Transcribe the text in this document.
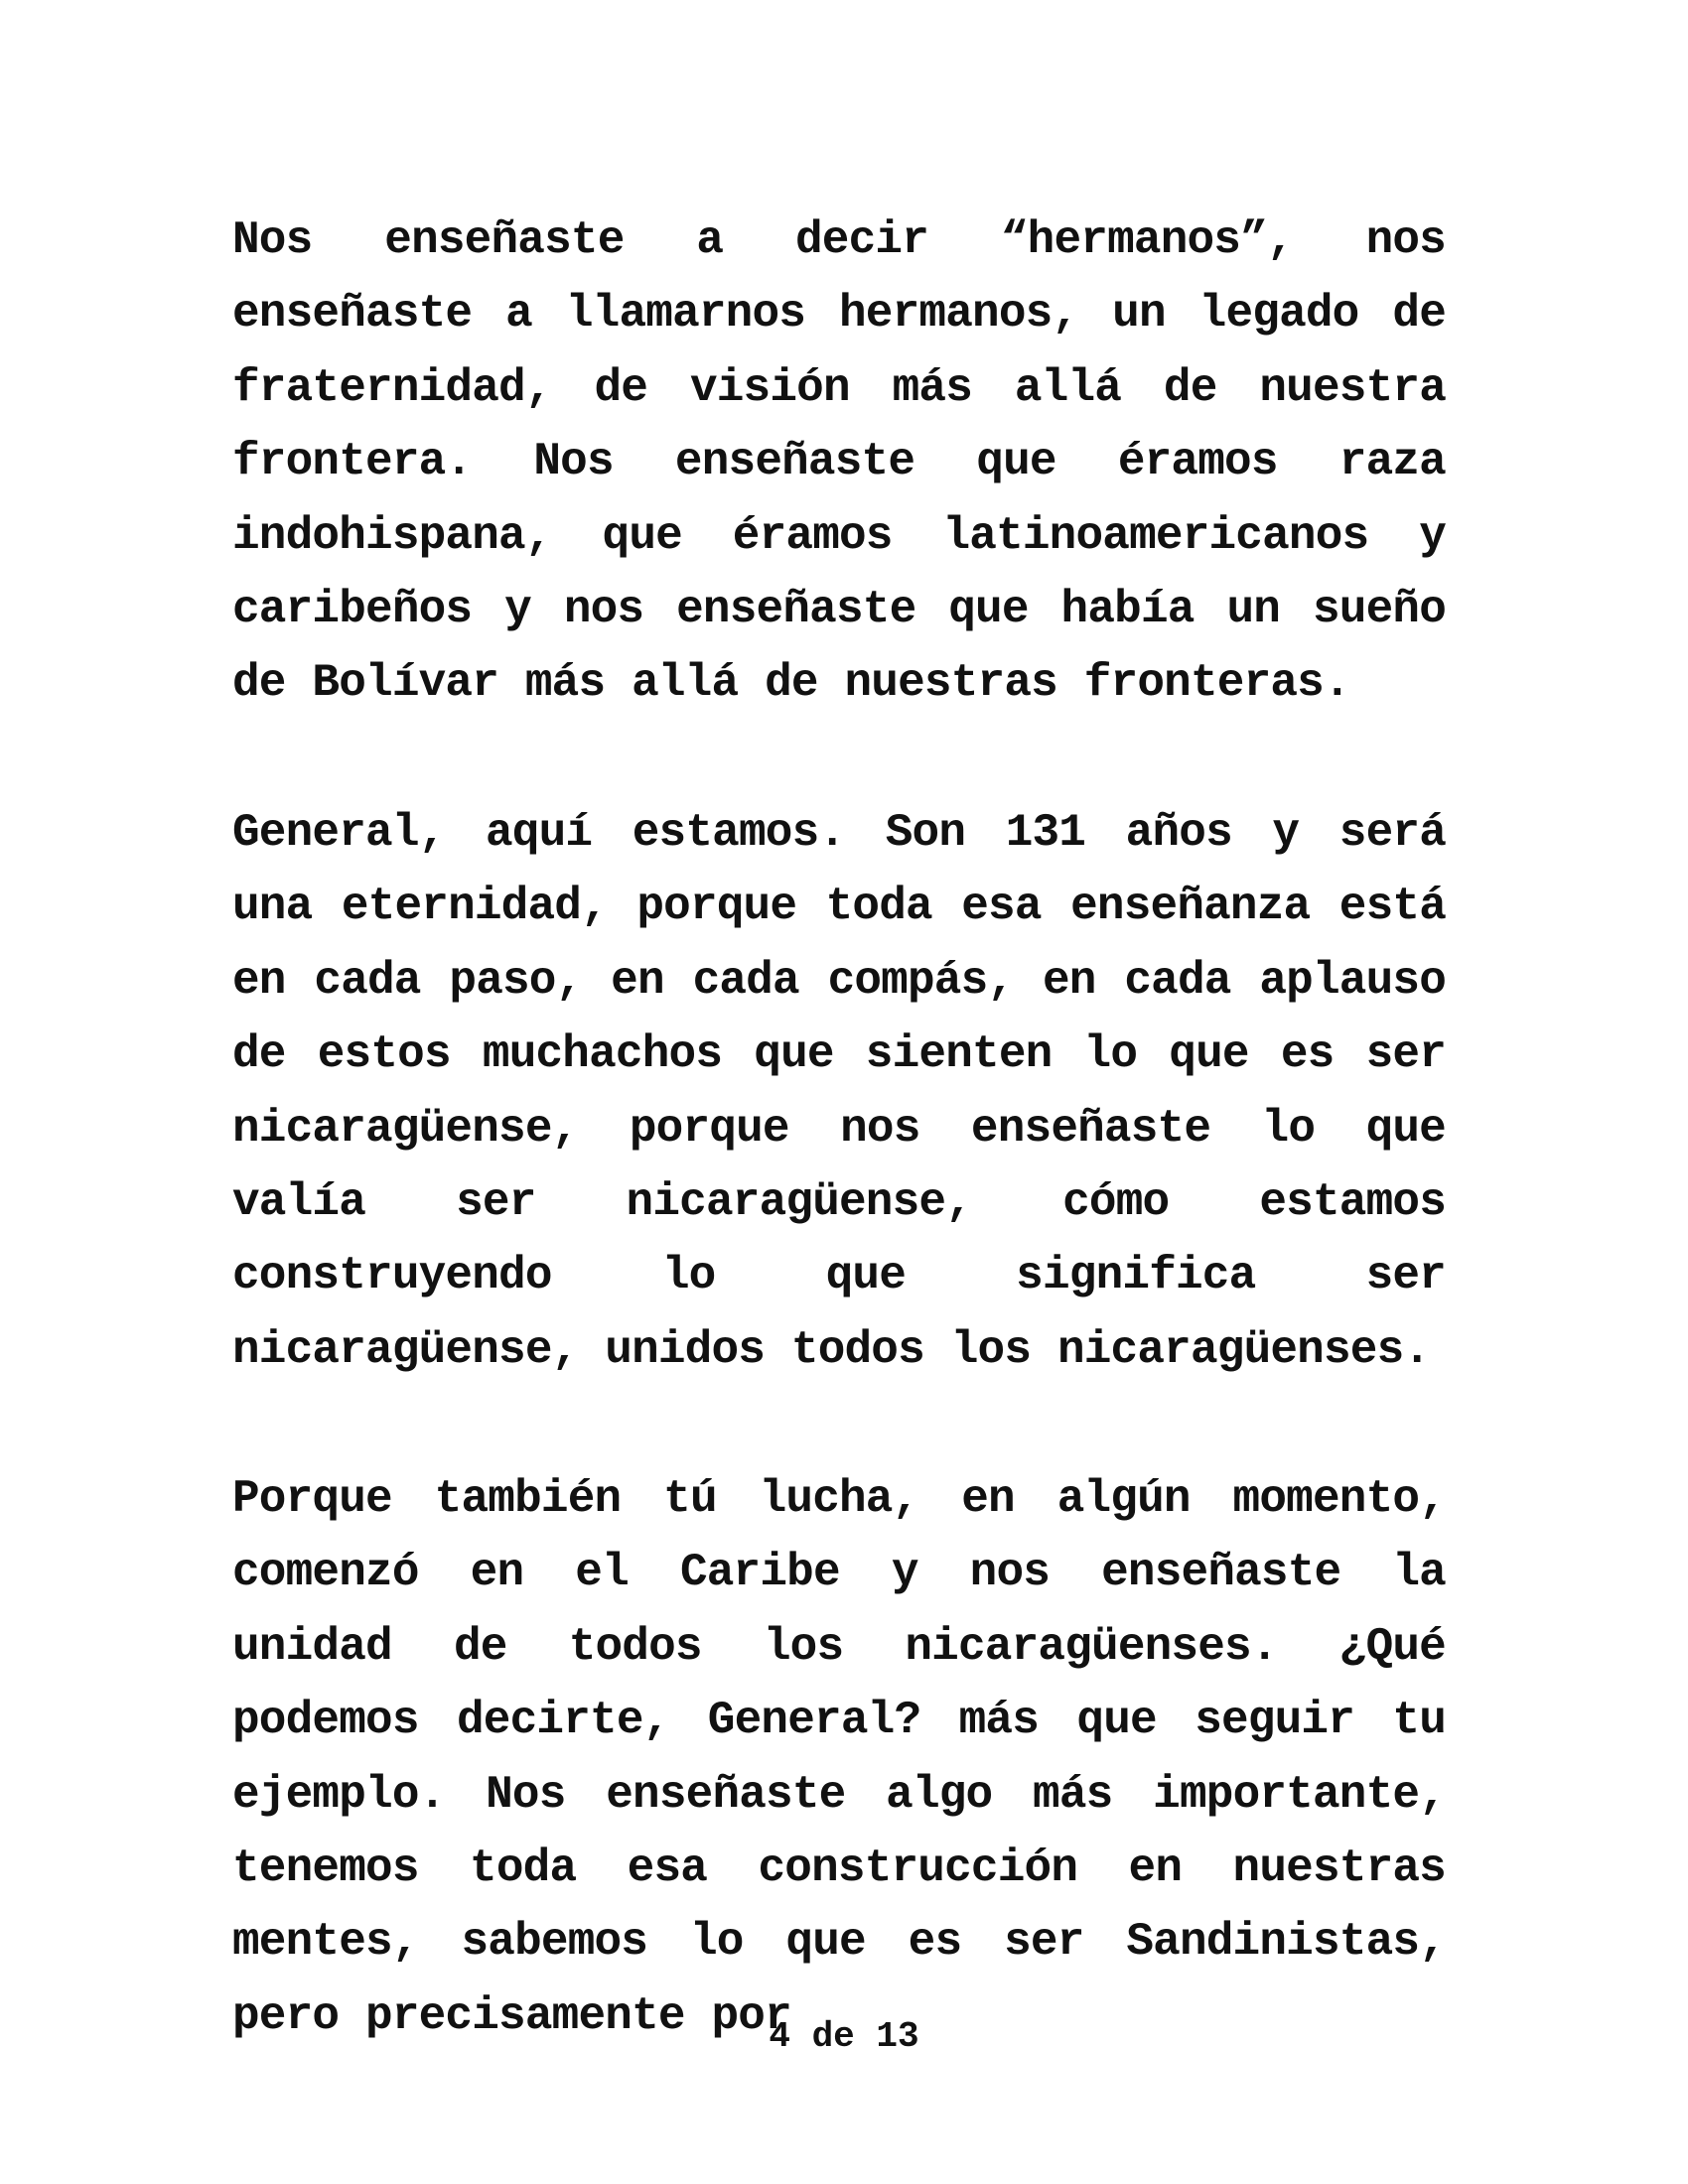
Nos enseñaste a decir “hermanos”, nos enseñaste a llamarnos hermanos, un legado de fraternidad, de visión más allá de nuestra frontera. Nos enseñaste que éramos raza indohispana, que éramos latinoamericanos y caribeños y nos enseñaste que había un sueño de Bolívar más allá de nuestras fronteras.

General, aquí estamos. Son 131 años y será una eternidad, porque toda esa enseñanza está en cada paso, en cada compás, en cada aplauso de estos muchachos que sienten lo que es ser nicaragüense, porque nos enseñaste lo que valía ser nicaragüense, cómo estamos construyendo lo que significa ser nicaragüense, unidos todos los nicaragüenses.

Porque también tú lucha, en algún momento, comenzó en el Caribe y nos enseñaste la unidad de todos los nicaragüenses. ¿Qué podemos decirte, General? más que seguir tu ejemplo. Nos enseñaste algo más importante, tenemos toda esa construcción en nuestras mentes, sabemos lo que es ser Sandinistas, pero precisamente por

4 de 13
